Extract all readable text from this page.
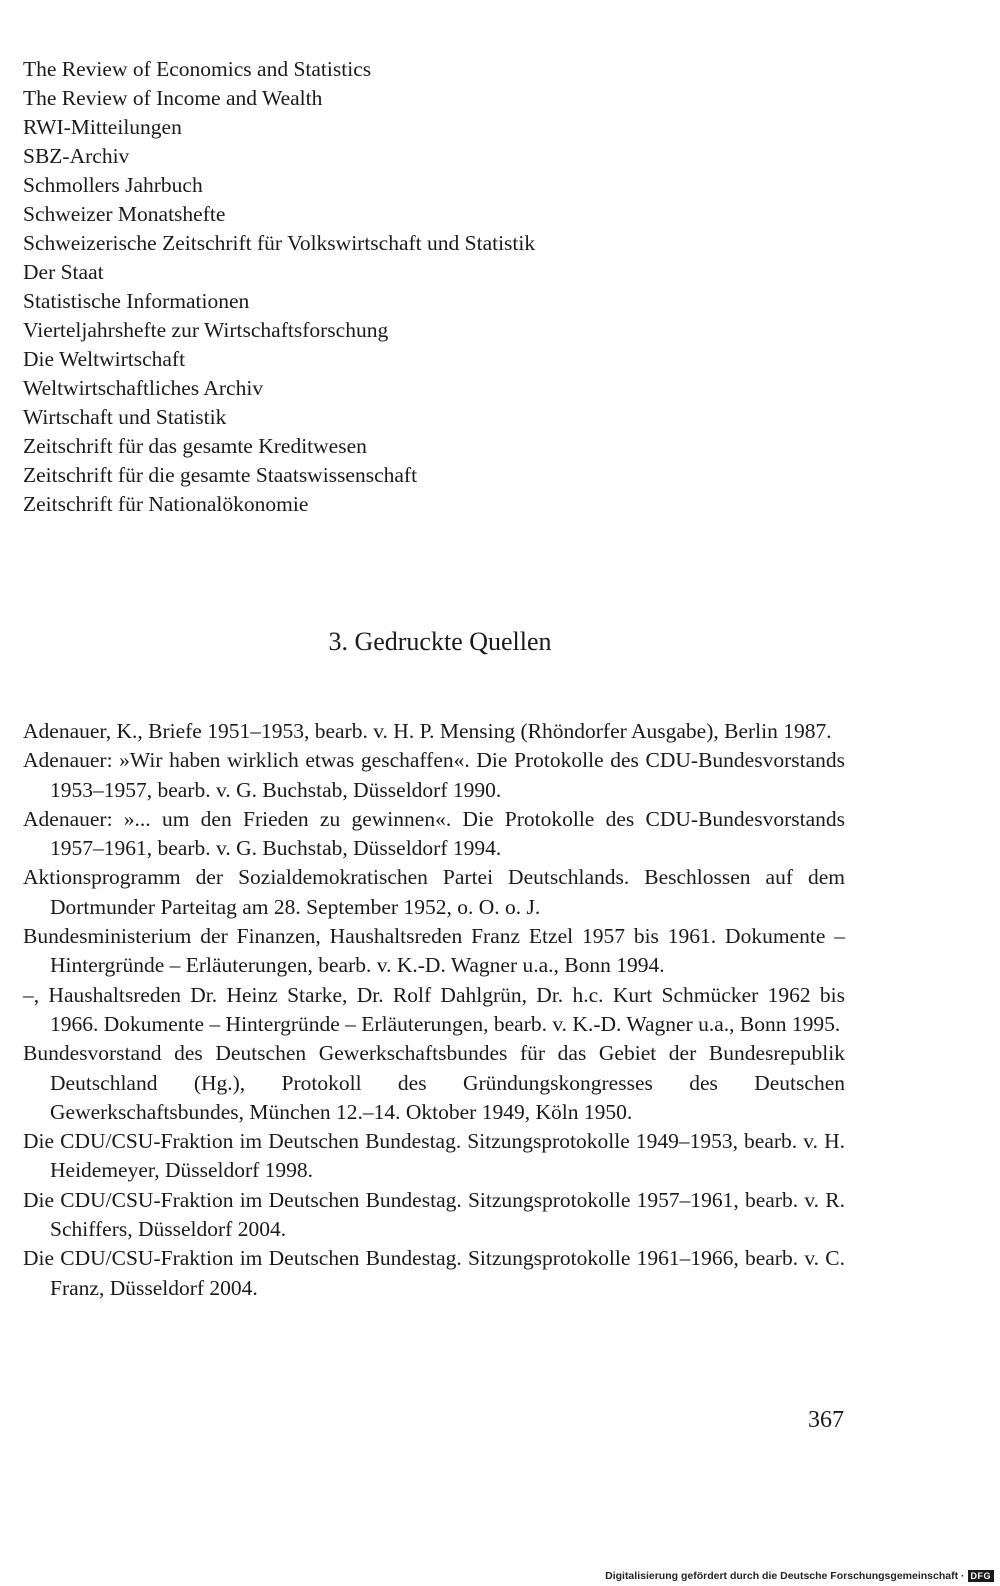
The Review of Economics and Statistics
The Review of Income and Wealth
RWI-Mitteilungen
SBZ-Archiv
Schmollers Jahrbuch
Schweizer Monatshefte
Schweizerische Zeitschrift für Volkswirtschaft und Statistik
Der Staat
Statistische Informationen
Vierteljahrshefte zur Wirtschaftsforschung
Die Weltwirtschaft
Weltwirtschaftliches Archiv
Wirtschaft und Statistik
Zeitschrift für das gesamte Kreditwesen
Zeitschrift für die gesamte Staatswissenschaft
Zeitschrift für Nationalökonomie
3. Gedruckte Quellen
Adenauer, K., Briefe 1951–1953, bearb. v. H. P. Mensing (Rhöndorfer Ausgabe), Berlin 1987.
Adenauer: »Wir haben wirklich etwas geschaffen«. Die Protokolle des CDU-Bundesvorstands 1953–1957, bearb. v. G. Buchstab, Düsseldorf 1990.
Adenauer: »... um den Frieden zu gewinnen«. Die Protokolle des CDU-Bundesvorstands 1957–1961, bearb. v. G. Buchstab, Düsseldorf 1994.
Aktionsprogramm der Sozialdemokratischen Partei Deutschlands. Beschlossen auf dem Dortmunder Parteitag am 28. September 1952, o. O. o. J.
Bundesministerium der Finanzen, Haushaltsreden Franz Etzel 1957 bis 1961. Dokumente – Hintergründe – Erläuterungen, bearb. v. K.-D. Wagner u.a., Bonn 1994.
–, Haushaltsreden Dr. Heinz Starke, Dr. Rolf Dahlgrün, Dr. h.c. Kurt Schmücker 1962 bis 1966. Dokumente – Hintergründe – Erläuterungen, bearb. v. K.-D. Wagner u.a., Bonn 1995.
Bundesvorstand des Deutschen Gewerkschaftsbundes für das Gebiet der Bundesrepublik Deutschland (Hg.), Protokoll des Gründungskongresses des Deutschen Gewerkschaftsbundes, München 12.–14. Oktober 1949, Köln 1950.
Die CDU/CSU-Fraktion im Deutschen Bundestag. Sitzungsprotokolle 1949–1953, bearb. v. H. Heidemeyer, Düsseldorf 1998.
Die CDU/CSU-Fraktion im Deutschen Bundestag. Sitzungsprotokolle 1957–1961, bearb. v. R. Schiffers, Düsseldorf 2004.
Die CDU/CSU-Fraktion im Deutschen Bundestag. Sitzungsprotokolle 1961–1966, bearb. v. C. Franz, Düsseldorf 2004.
367
Digitalisierung gefördert durch die Deutsche Forschungsgemeinschaft · DFG
